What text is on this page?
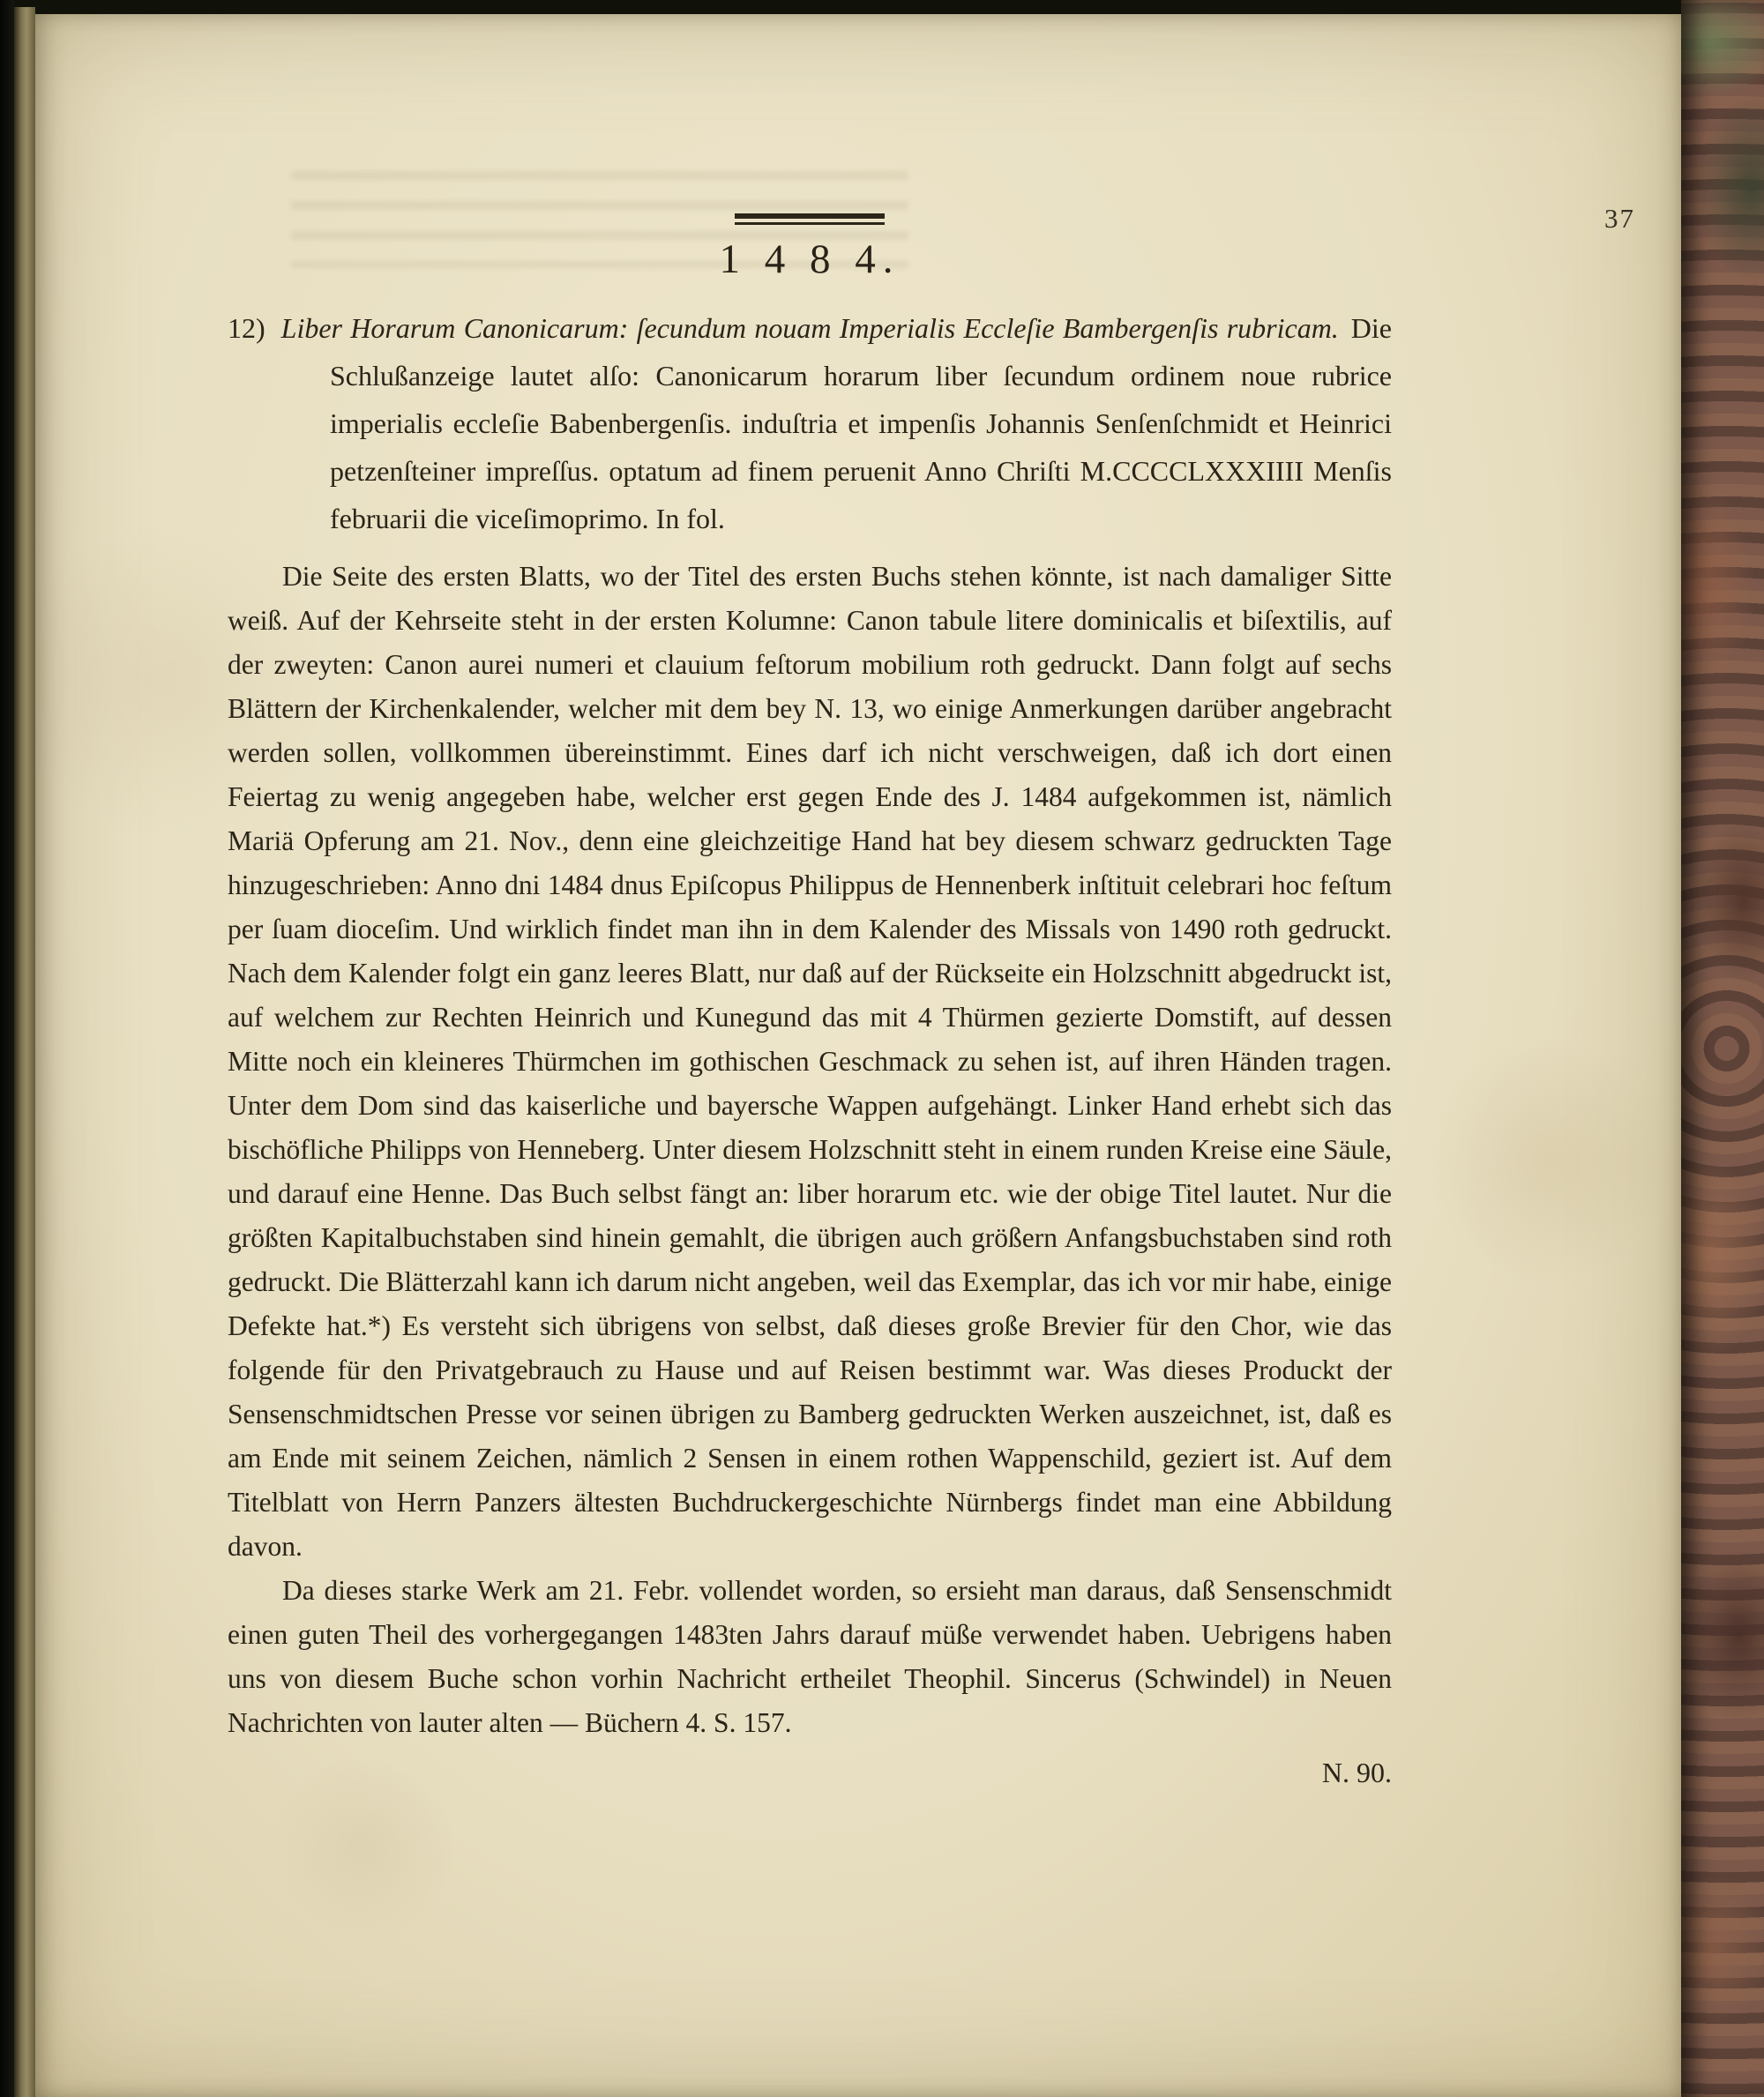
37
1 4 8 4.

12) Liber Horarum Canonicarum: ſecundum nouam Imperialis Eccleſie Bambergenſis rubricam. Die Schlußanzeige lautet alſo: Canonicarum horarum liber ſecundum ordinem noue rubrice imperialis eccleſie Babenbergenſis. induſtria et impenſis Johannis Senſenſchmidt et Heinrici petzenſteiner impreſſus. optatum ad finem peruenit Anno Chriſti M.CCCCLXXXIIII Menſis februarii die viceſimoprimo. In fol.

Die Seite des ersten Blatts, wo der Titel des ersten Buchs stehen könnte, ist nach damaliger Sitte weiß. Auf der Kehrseite steht in der ersten Kolumne: Canon tabule litere dominicalis et biſextilis, auf der zweyten: Canon aurei numeri et clauium feſtorum mobilium roth gedruckt. Dann folgt auf sechs Blättern der Kirchenkalender, welcher mit dem bey N. 13, wo einige Anmerkungen darüber angebracht werden sollen, vollkommen übereinstimmt. Eines darf ich nicht verschweigen, daß ich dort einen Feiertag zu wenig angegeben habe, welcher erst gegen Ende des J. 1484 aufgekommen ist, nämlich Mariä Opferung am 21. Nov., denn eine gleichzeitige Hand hat bey diesem schwarz gedruckten Tage hinzugeschrieben: Anno dni 1484 dnus Epiſcopus Philippus de Hennenberk inſtituit celebrari hoc feſtum per ſuam dioceſim. Und wirklich findet man ihn in dem Kalender des Missals von 1490 roth gedruckt. Nach dem Kalender folgt ein ganz leeres Blatt, nur daß auf der Rückseite ein Holzschnitt abgedruckt ist, auf welchem zur Rechten Heinrich und Kunegund das mit 4 Thürmen gezierte Domstift, auf dessen Mitte noch ein kleineres Thürmchen im gothischen Geschmack zu sehen ist, auf ihren Händen tragen. Unter dem Dom sind das kaiserliche und bayersche Wappen aufgehängt. Linker Hand erhebt sich das bischöfliche Philipps von Henneberg. Unter diesem Holzschnitt steht in einem runden Kreise eine Säule, und darauf eine Henne. Das Buch selbst fängt an: liber horarum etc. wie der obige Titel lautet. Nur die größten Kapitalbuchstaben sind hinein gemahlt, die übrigen auch größern Anfangsbuchstaben sind roth gedruckt. Die Blätterzahl kann ich darum nicht angeben, weil das Exemplar, das ich vor mir habe, einige Defekte hat.*) Es versteht sich übrigens von selbst, daß dieses große Brevier für den Chor, wie das folgende für den Privatgebrauch zu Hause und auf Reisen bestimmt war. Was dieses Produckt der Sensenschmidtschen Presse vor seinen übrigen zu Bamberg gedruckten Werken auszeichnet, ist, daß es am Ende mit seinem Zeichen, nämlich 2 Sensen in einem rothen Wappenschild, geziert ist. Auf dem Titelblatt von Herrn Panzers ältesten Buchdruckergeschichte Nürnbergs findet man eine Abbildung davon.

Da dieses starke Werk am 21. Febr. vollendet worden, so ersieht man daraus, daß Sensenschmidt einen guten Theil des vorhergegangen 1483ten Jahrs darauf müße verwendet haben. Uebrigens haben uns von diesem Buche schon vorhin Nachricht ertheilet Theophil. Sincerus (Schwindel) in Neuen Nachrichten von lauter alten — Büchern 4. S. 157.

N. 90.
